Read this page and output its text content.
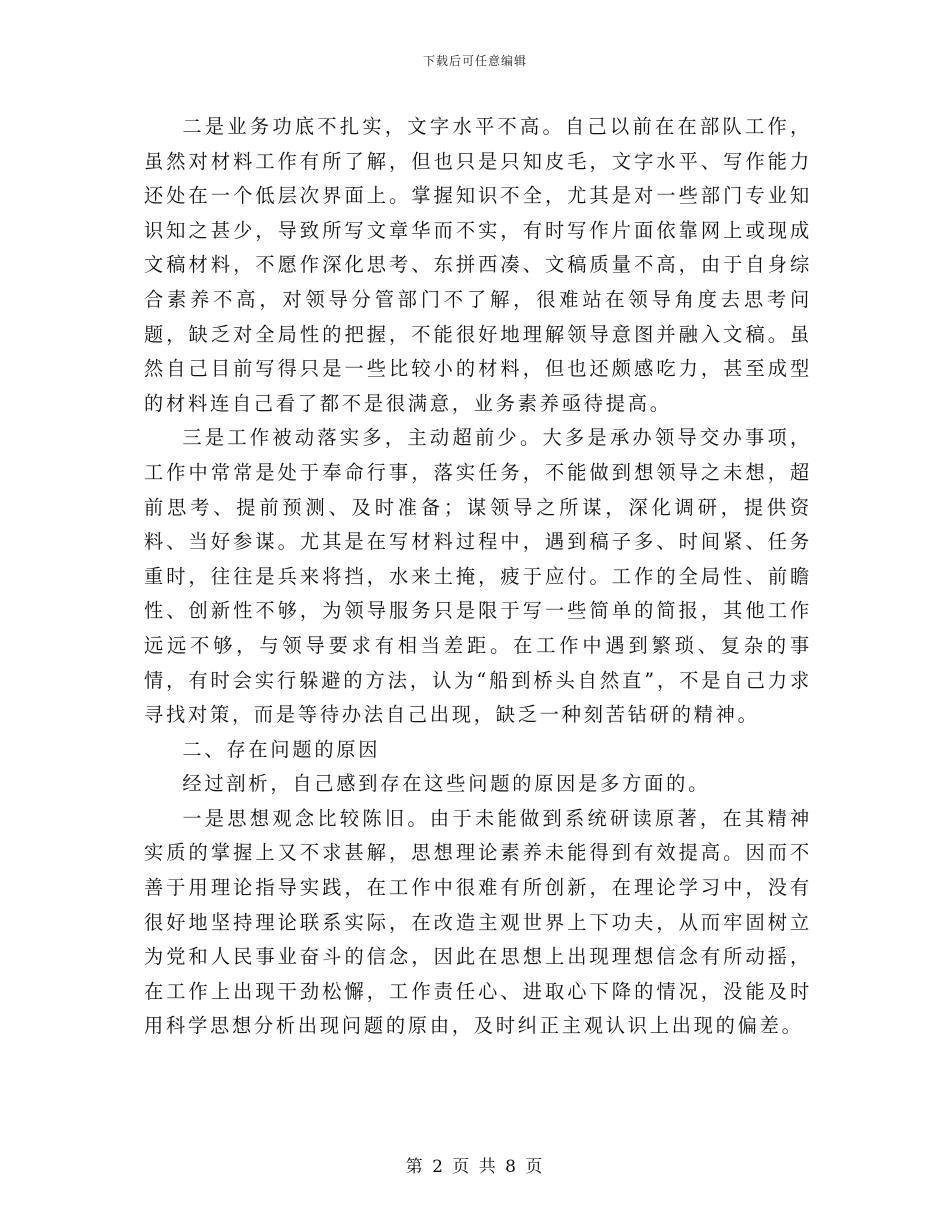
下载后可任意编辑

二是业务功底不扎实，文字水平不高。自己以前在在部队工作，虽然对材料工作有所了解，但也只是只知皮毛，文字水平、写作能力还处在一个低层次界面上。掌握知识不全，尤其是对一些部门专业知识知之甚少，导致所写文章华而不实，有时写作片面依靠网上或现成文稿材料，不愿作深化思考、东拼西凑、文稿质量不高，由于自身综合素养不高，对领导分管部门不了解，很难站在领导角度去思考问题，缺乏对全局性的把握，不能很好地理解领导意图并融入文稿。虽然自己目前写得只是一些比较小的材料，但也还颇感吃力，甚至成型的材料连自己看了都不是很满意，业务素养亟待提高。

三是工作被动落实多，主动超前少。大多是承办领导交办事项，工作中常常是处于奉命行事，落实任务，不能做到想领导之未想，超前思考、提前预测、及时准备；谋领导之所谋，深化调研，提供资料、当好参谋。尤其是在写材料过程中，遇到稿子多、时间紧、任务重时，往往是兵来将挡，水来土掩，疲于应付。工作的全局性、前瞻性、创新性不够，为领导服务只是限于写一些简单的简报，其他工作远远不够，与领导要求有相当差距。在工作中遇到繁琐、复杂的事情，有时会实行躲避的方法，认为“船到桥头自然直”，不是自己力求寻找对策，而是等待办法自己出现，缺乏一种刻苦钻研的精神。

二、存在问题的原因

经过剖析，自己感到存在这些问题的原因是多方面的。

一是思想观念比较陈旧。由于未能做到系统研读原著，在其精神实质的掌握上又不求甚解，思想理论素养未能得到有效提高。因而不善于用理论指导实践，在工作中很难有所创新，在理论学习中，没有很好地坚持理论联系实际，在改造主观世界上下功夫，从而牢固树立为党和人民事业奋斗的信念，因此在思想上出现理想信念有所动摇，在工作上出现干劲松懈，工作责任心、进取心下降的情况，没能及时用科学思想分析出现问题的原由，及时纠正主观认识上出现的偏差。

第 2 页 共 8 页
